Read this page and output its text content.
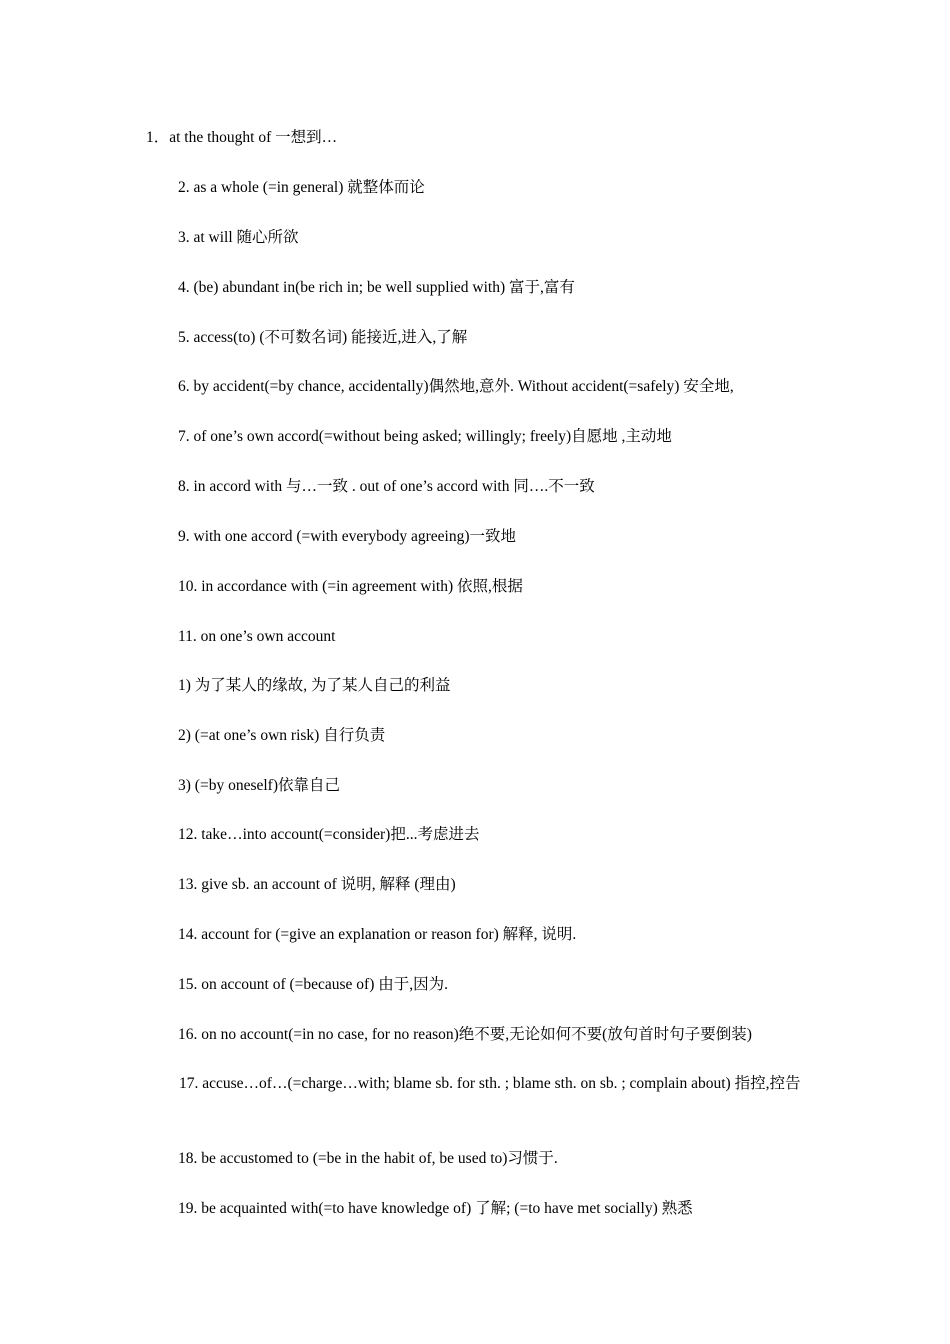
1．at the thought of 一想到…
2. as a whole (=in general) 就整体而论
3. at will 随心所欲
4. (be) abundant in(be rich in; be well supplied with) 富于,富有
5. access(to) (不可数名词) 能接近,进入,了解
6. by accident(=by chance, accidentally)偶然地,意外. Without accident(=safely) 安全地,
7. of one’s own accord(=without being asked; willingly; freely)自愿地 ,主动地
8. in accord with 与…一致 . out of one’s accord with 同….不一致
9. with one accord (=with everybody agreeing)一致地
10. in accordance with (=in agreement with) 依照,根据
11. on one’s own account
1) 为了某人的缘故, 为了某人自己的利益
2) (=at one’s own risk) 自行负责
3) (=by oneself)依靠自己
12. take…into account(=consider)把...考虑进去
13. give sb. an account of 说明, 解释 (理由)
14. account for (=give an explanation or reason for) 解释, 说明.
15. on account of (=because of) 由于,因为.
16. on no account(=in no case, for no reason)绝不要,无论如何不要(放句首时句子要倒装)
17. accuse…of…(=charge…with; blame sb. for sth. ; blame sth. on sb. ; complain about) 指控,控告
18. be accustomed to (=be in the habit of, be used to)习惯于.
19. be acquainted with(=to have knowledge of) 了解; (=to have met socially) 熟悉
